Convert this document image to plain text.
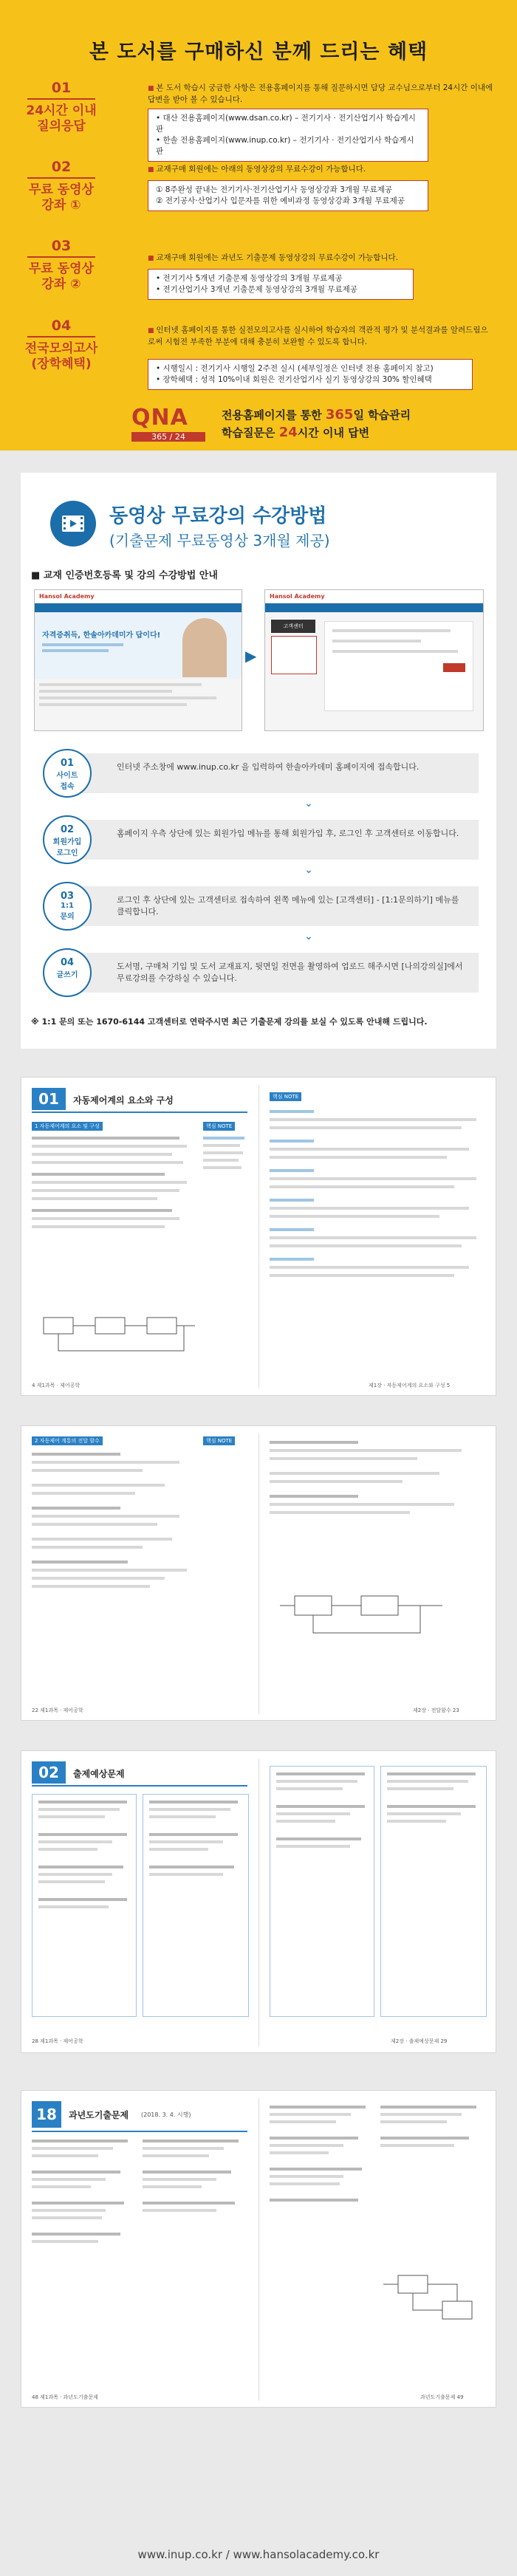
본 도서를 구매하신 분께 드리는 혜택
01
24시간 이내
질의응답
■ 본 도서 학습시 궁금한 사항은 전용홈페이지를 통해 질문하시면 담당 교수님으로부터 24시간 이내에 답변을 받아 볼 수 있습니다.
• 대산 전용홈페이지(www.dsan.co.kr) – 전기기사 · 전기산업기사 학습게시판
• 한솔 전용홈페이지(www.inup.co.kr) – 전기기사 · 전기산업기사 학습게시판
02
무료 동영상
강좌 ①
■ 교재구매 회원에는 아래의 동영상강의 무료수강이 가능합니다.
① 8주완성 끝내는 전기기사·전기산업기사 동영상강좌 3개월 무료제공
② 전기공사·산업기사 입문자를 위한 예비과정 동영상강좌 3개월 무료제공
03
무료 동영상
강좌 ②
■ 교재구매 회원에는 과년도 기출문제 동영상강의 무료수강이 가능합니다.
• 전기기사 5개년 기출문제 동영상강의 3개월 무료제공
• 전기산업기사 3개년 기출문제 동영상강의 3개월 무료제공
04
전국모의고사
(장학혜택)
■ 인터넷 홈페이지를 통한 실전모의고사를 실시하여 학습자의 객관적 평가 및 분석결과를 알려드림으로써 시험전 부족한 부분에 대해 충분히 보완할 수 있도록 합니다.
• 시행일시 : 전기기사 시행일 2주전 실시 (세부일정은 인터넷 전용 홈페이지 참고)
• 장학혜택 : 성적 10%이내 회원은 전기산업기사 실기 동영상강의 30% 할인혜택
QNA
365 / 24
전용홈페이지를 통한 365일 학습관리
학습질문은 24시간 이내 답변
동영상 무료강의 수강방법
(기출문제 무료동영상 3개월 제공)
■ 교재 인증번호등록 및 강의 수강방법 안내
Hansol Academy
자격증취득, 한솔아카데미가 답이다!
▶
Hansol Academy
고객센터
인터넷 주소창에 www.inup.co.kr 을 입력하여 한솔아카데미 홈페이지에 접속합니다.
01
사이트
접속
⌄
홈페이지 우측 상단에 있는 회원가입 메뉴를 통해 회원가입 후, 로그인 후 고객센터로 이동합니다.
02
회원가입
로그인
⌄
로그인 후 상단에 있는 고객센터로 접속하여 왼쪽 메뉴에 있는 [고객센터] - [1:1문의하기] 메뉴를 클릭합니다.
03
1:1
문의
⌄
도서명, 구매처 기입 및 도서 교재표지, 뒷면일 전면을 촬영하여 업로드 해주시면 [나의강의실]에서 무료강의를 수강하실 수 있습니다.
04
글쓰기
※ 1:1 문의 또는 1670-6144 고객센터로 연락주시면 최근 기출문제 강의를 보실 수 있도록 안내해 드립니다.
01	자동제어계의 요소와 구성
1 자동제어계의 요소 및 구성	핵심 NOTE
4 제1과목 · 제어공학
핵심 NOTE
제1장 · 자동제어계의 요소와 구성 5
2 자동제어 계통의 전달 함수	핵심 NOTE
22 제1과목 · 제어공학	제2장 · 전달함수 23
02	출제예상문제
28 제1과목 · 제어공학	제2장 · 출제예상문제 29
18	과년도기출문제 (2018. 3. 4. 시행)
48 제1과목 · 과년도기출문제	과년도기출문제 49
www.inup.co.kr / www.hansolacademy.co.kr
